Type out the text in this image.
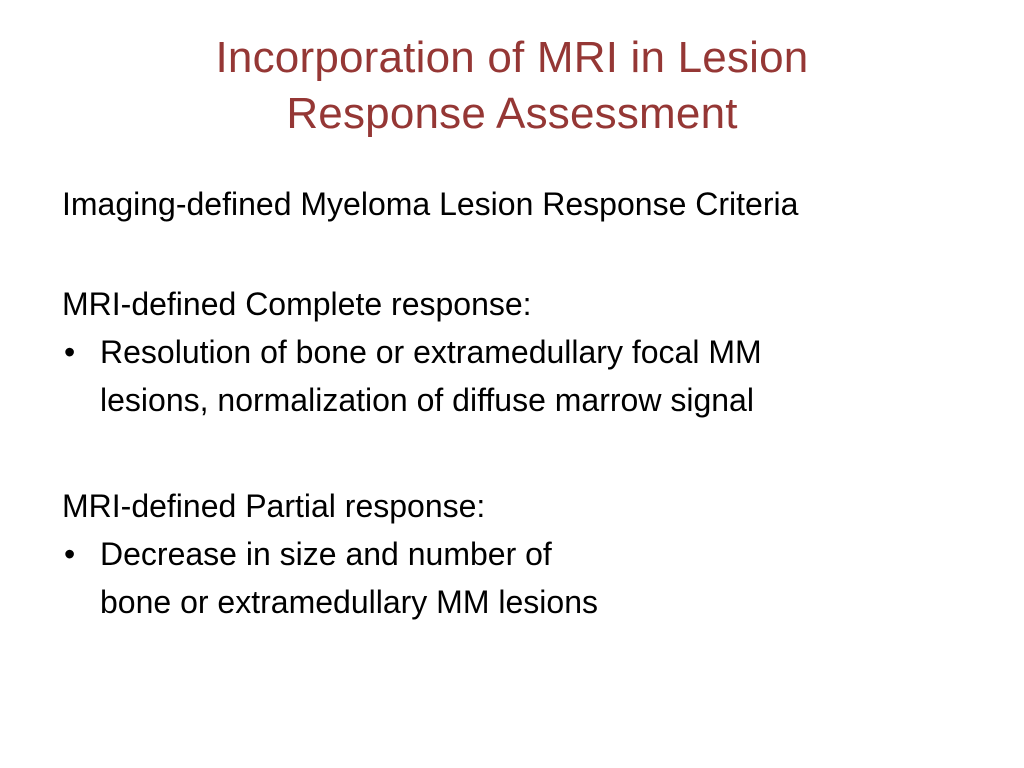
Incorporation of MRI in Lesion
Response Assessment

Imaging-defined Myeloma Lesion Response Criteria

MRI-defined Complete response:

• Resolution of bone or extramedullary focal MM
lesions, normalization of diffuse marrow signal

MRI-defined Partial response:

• Decrease in size and number of
bone or extramedullary MM lesions
